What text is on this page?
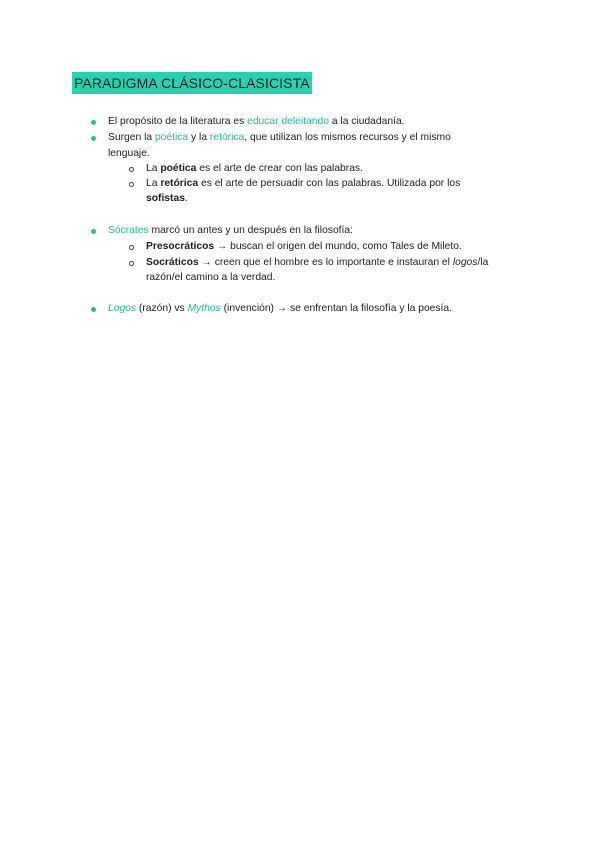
PARADIGMA CLÁSICO-CLASICISTA
El propósito de la literatura es educar deleitando a la ciudadanía.
Surgen la poética y la retórica, que utilizan los mismos recursos y el mismo
lenguaje.
La poética es el arte de crear con las palabras.
La retórica es el arte de persuadir con las palabras. Utilizada por los
sofistas.
Sócrates marcó un antes y un después en la filosofía:
Presocráticos → buscan el origen del mundo, como Tales de Mileto.
Socráticos → creen que el hombre es lo importante e instauran el logos/la
razón/el camino a la verdad.
Logos (razón) vs Mythos (invención) → se enfrentan la filosofía y la poesía.
